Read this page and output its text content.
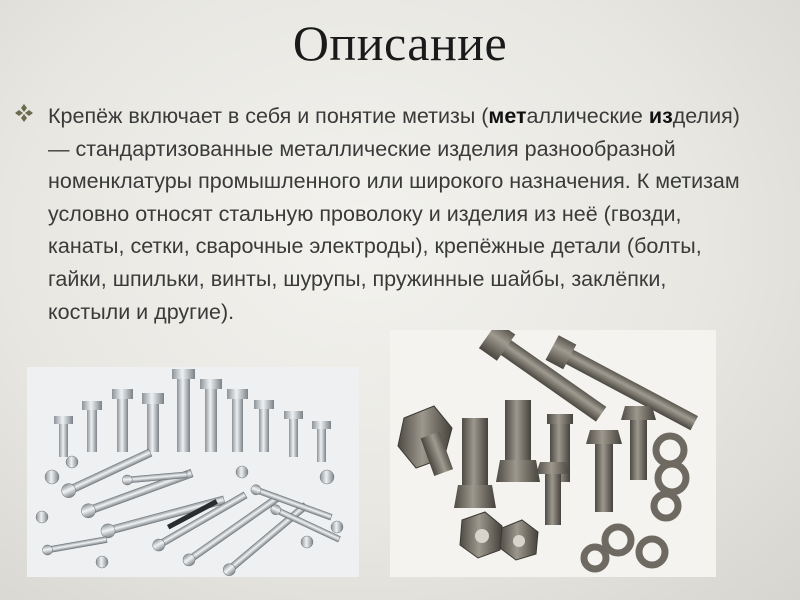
Описание
Крепёж включает в себя и понятие метизы (металлические изделия) — стандартизованные металлические изделия разнообразной номенклатуры промышленного или широкого назначения. К метизам условно относят стальную проволоку и изделия из неё (гвозди, канаты, сетки, сварочные электроды), крепёжные детали (болты, гайки, шпильки, винты, шурупы, пружинные шайбы, заклёпки, костыли и другие).
